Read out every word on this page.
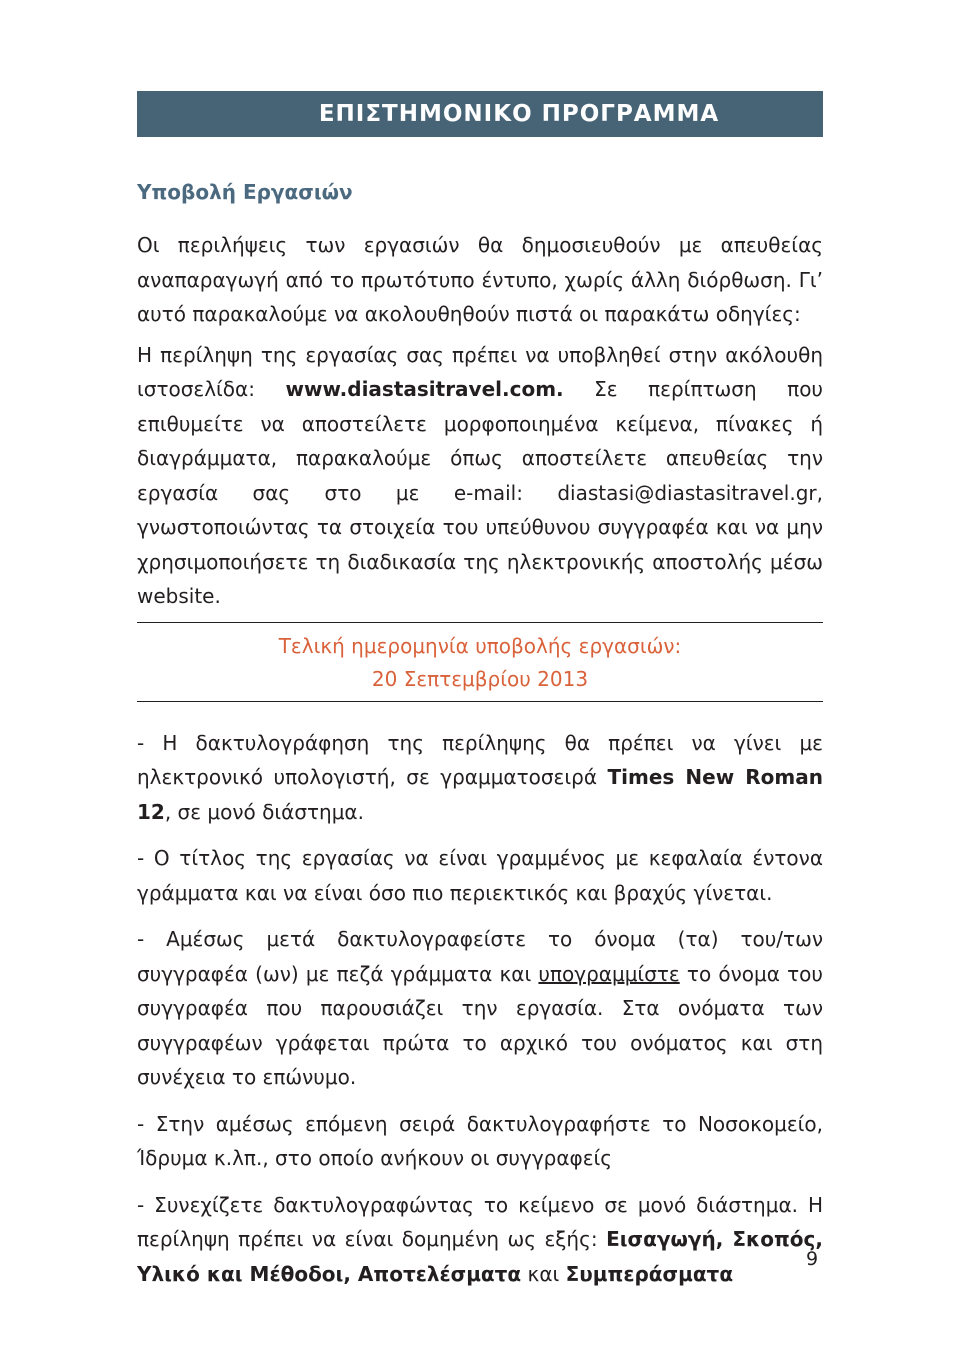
ΕΠΙΣΤΗΜΟΝΙΚΟ ΠΡΟΓΡΑΜΜΑ
Υποβολή Εργασιών

Οι περιλήψεις των εργασιών θα δημοσιευθούν με απευθείας αναπαραγωγή από το πρωτότυπο έντυπο, χωρίς άλλη διόρθωση. Γι’ αυτό παρακαλούμε να ακολουθηθούν πιστά οι παρακάτω οδηγίες:

Η περίληψη της εργασίας σας πρέπει να υποβληθεί στην ακόλουθη ιστοσελίδα: www.diastasitravel.com. Σε περίπτωση που επιθυμείτε να αποστείλετε μορφοποιημένα κείμενα, πίνακες ή διαγράμματα, παρακαλούμε όπως αποστείλετε απευθείας την εργασία σας στο με e-mail: diastasi@diastasitravel.gr, γνωστοποιώντας τα στοιχεία του υπεύθυνου συγγραφέα και να μην χρησιμοποιήσετε τη διαδικασία της ηλεκτρονικής αποστολής μέσω website.

Τελική ημερομηνία υποβολής εργασιών:
20 Σεπτεμβρίου 2013

- Η δακτυλογράφηση της περίληψης θα πρέπει να γίνει με ηλεκτρονικό υπολογιστή, σε γραμματοσειρά Times New Roman 12, σε μονό διάστημα.

- Ο τίτλος της εργασίας να είναι γραμμένος με κεφαλαία έντονα γράμματα και να είναι όσο πιο περιεκτικός και βραχύς γίνεται.

- Αμέσως μετά δακτυλογραφείστε το όνομα (τα) του/των συγγραφέα (ων) με πεζά γράμματα και υπογραμμίστε το όνομα του συγγραφέα που παρουσιάζει την εργασία. Στα ονόματα των συγγραφέων γράφεται πρώτα το αρχικό του ονόματος και στη συνέχεια το επώνυμο.

- Στην αμέσως επόμενη σειρά δακτυλογραφήστε το Νοσοκομείο, Ίδρυμα κ.λπ., στο οποίο ανήκουν οι συγγραφείς

- Συνεχίζετε δακτυλογραφώντας το κείμενο σε μονό διάστημα. Η περίληψη πρέπει να είναι δομημένη ως εξής: Εισαγωγή, Σκοπός, Υλικό και Μέθοδοι, Αποτελέσματα και Συμπεράσματα

9
